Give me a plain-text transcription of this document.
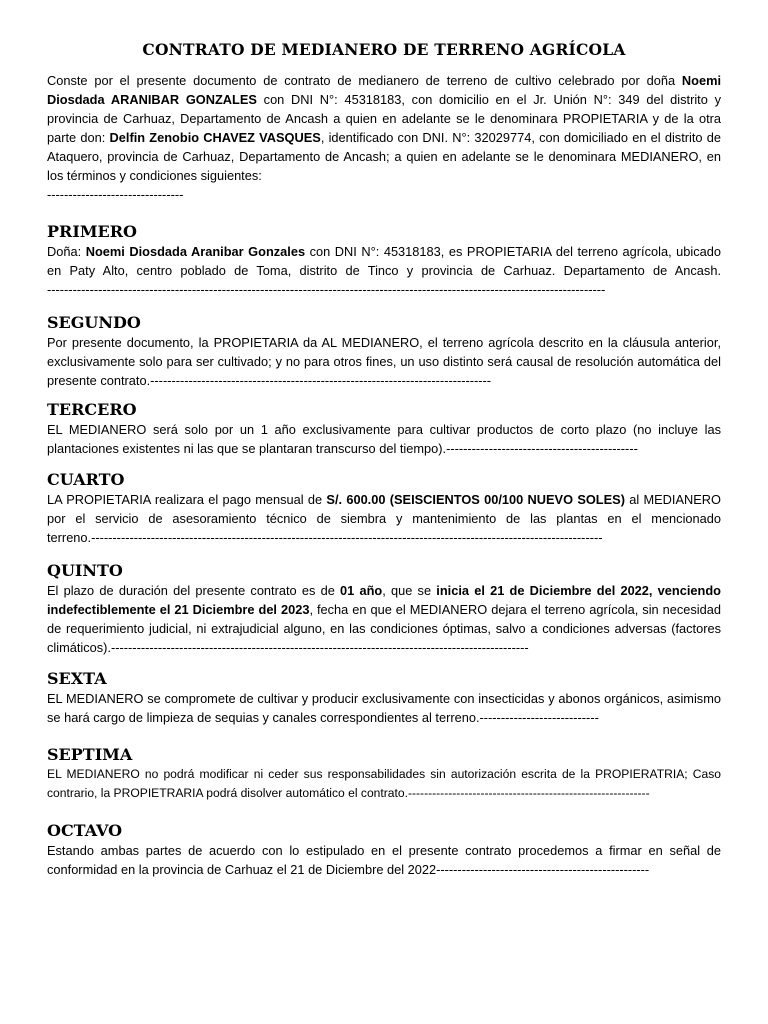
CONTRATO DE MEDIANERO DE TERRENO AGRÍCOLA

Conste por el presente documento de contrato de medianero de terreno de cultivo celebrado por doña Noemi Diosdada ARANIBAR GONZALES con DNI N°: 45318183, con domicilio en el Jr. Unión N°: 349 del distrito y provincia de Carhuaz, Departamento de Ancash a quien en adelante se le denominara PROPIETARIA y de la otra parte don: Delfin Zenobio CHAVEZ VASQUES, identificado con DNI. N°: 32029774, con domiciliado en el distrito de Ataquero, provincia de Carhuaz, Departamento de Ancash; a quien en adelante se le denominara MEDIANERO, en los términos y condiciones siguientes:

--------------------------------
PRIMERO

Doña: Noemi Diosdada Aranibar Gonzales con DNI N°: 45318183, es PROPIETARIA del terreno agrícola, ubicado en Paty Alto, centro poblado de Toma, distrito de Tinco y provincia de Carhuaz. Departamento de Ancash.

-----------------------------------------------------------------------------------------------------------------------------------
SEGUNDO

Por presente documento, la PROPIETARIA da AL MEDIANERO, el terreno agrícola descrito en la cláusula anterior, exclusivamente solo para ser cultivado; y no para otros fines, un uso distinto será causal de resolución automática del presente contrato.--------------------------------------------------------------------------------

TERCERO

EL MEDIANERO será solo por un 1 año exclusivamente para cultivar productos de corto plazo (no incluye las plantaciones existentes ni las que se plantaran transcurso del tiempo).---------------------------------------------

CUARTO

LA PROPIETARIA realizara el pago mensual de S/. 600.00 (SEISCIENTOS 00/100 NUEVO SOLES) al MEDIANERO por el servicio de asesoramiento técnico de siembra y mantenimiento de las plantas en el mencionado terreno.------------------------------------------------------------------------------------------------------------------------

QUINTO

El plazo de duración del presente contrato es de 01 año, que se inicia el 21 de Diciembre del 2022, venciendo indefectiblemente el 21 Diciembre del 2023, fecha en que el MEDIANERO dejara el terreno agrícola, sin necesidad de requerimiento judicial, ni extrajudicial alguno, en las condiciones óptimas, salvo a condiciones adversas (factores climáticos).--------------------------------------------------------------------------------------------------

SEXTA

EL MEDIANERO se compromete de cultivar y producir exclusivamente con insecticidas y abonos orgánicos, asimismo se hará cargo de limpieza de sequias y canales correspondientes al terreno.----------------------------

SEPTIMA

EL MEDIANERO no podrá modificar ni ceder sus responsabilidades sin autorización escrita de la PROPIERATRIA; Caso contrario, la PROPIETRARIA podrá disolver automático el contrato.------------------------------------------------------------

OCTAVO

Estando ambas partes de acuerdo con lo estipulado en el presente contrato procedemos a firmar en señal de conformidad en la provincia de Carhuaz el 21 de Diciembre del 2022--------------------------------------------------
